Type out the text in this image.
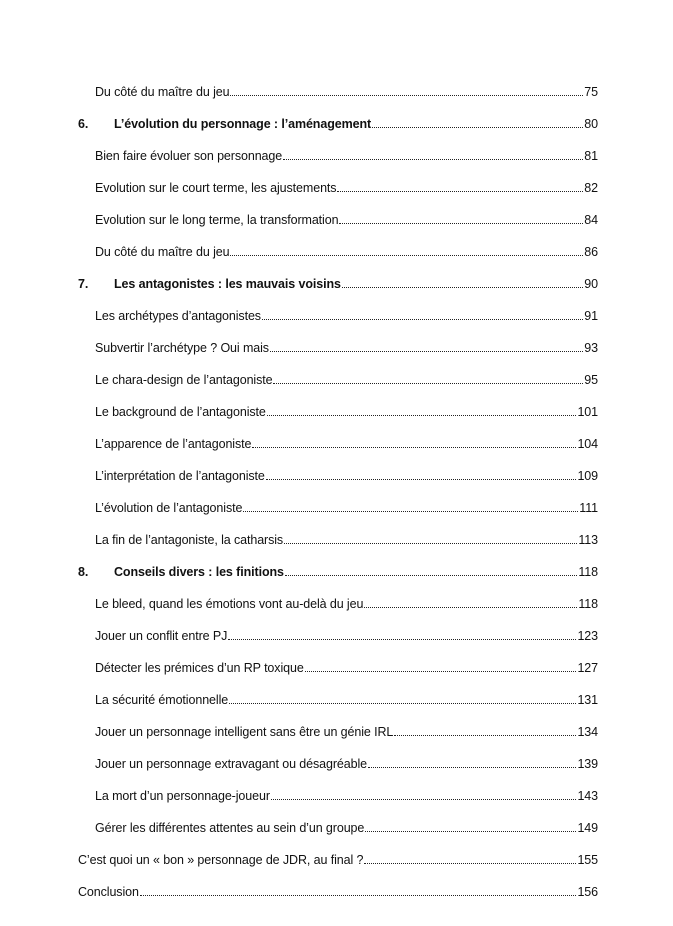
Du côté du maître du jeu	75
6.	L’évolution du personnage : l’aménagement	80
Bien faire évoluer son personnage	81
Evolution sur le court terme, les ajustements	82
Evolution sur le long terme, la transformation	84
Du côté du maître du jeu	86
7.	Les antagonistes : les mauvais voisins	90
Les archétypes d’antagonistes	91
Subvertir l’archétype ? Oui mais	93
Le chara-design de l’antagoniste	95
Le background de l’antagoniste	101
L’apparence de l’antagoniste	104
L’interprétation de l’antagoniste	109
L’évolution de l’antagoniste	111
La fin de l’antagoniste, la catharsis	113
8.	Conseils divers : les finitions	118
Le bleed, quand les émotions vont au-delà du jeu	118
Jouer un conflit entre PJ	123
Détecter les prémices d’un RP toxique	127
La sécurité émotionnelle	131
Jouer un personnage intelligent sans être un génie IRL	134
Jouer un personnage extravagant ou désagréable	139
La mort d’un personnage-joueur	143
Gérer les différentes attentes au sein d’un groupe	149
C’est quoi un « bon » personnage de JDR, au final ?	155
Conclusion	156
